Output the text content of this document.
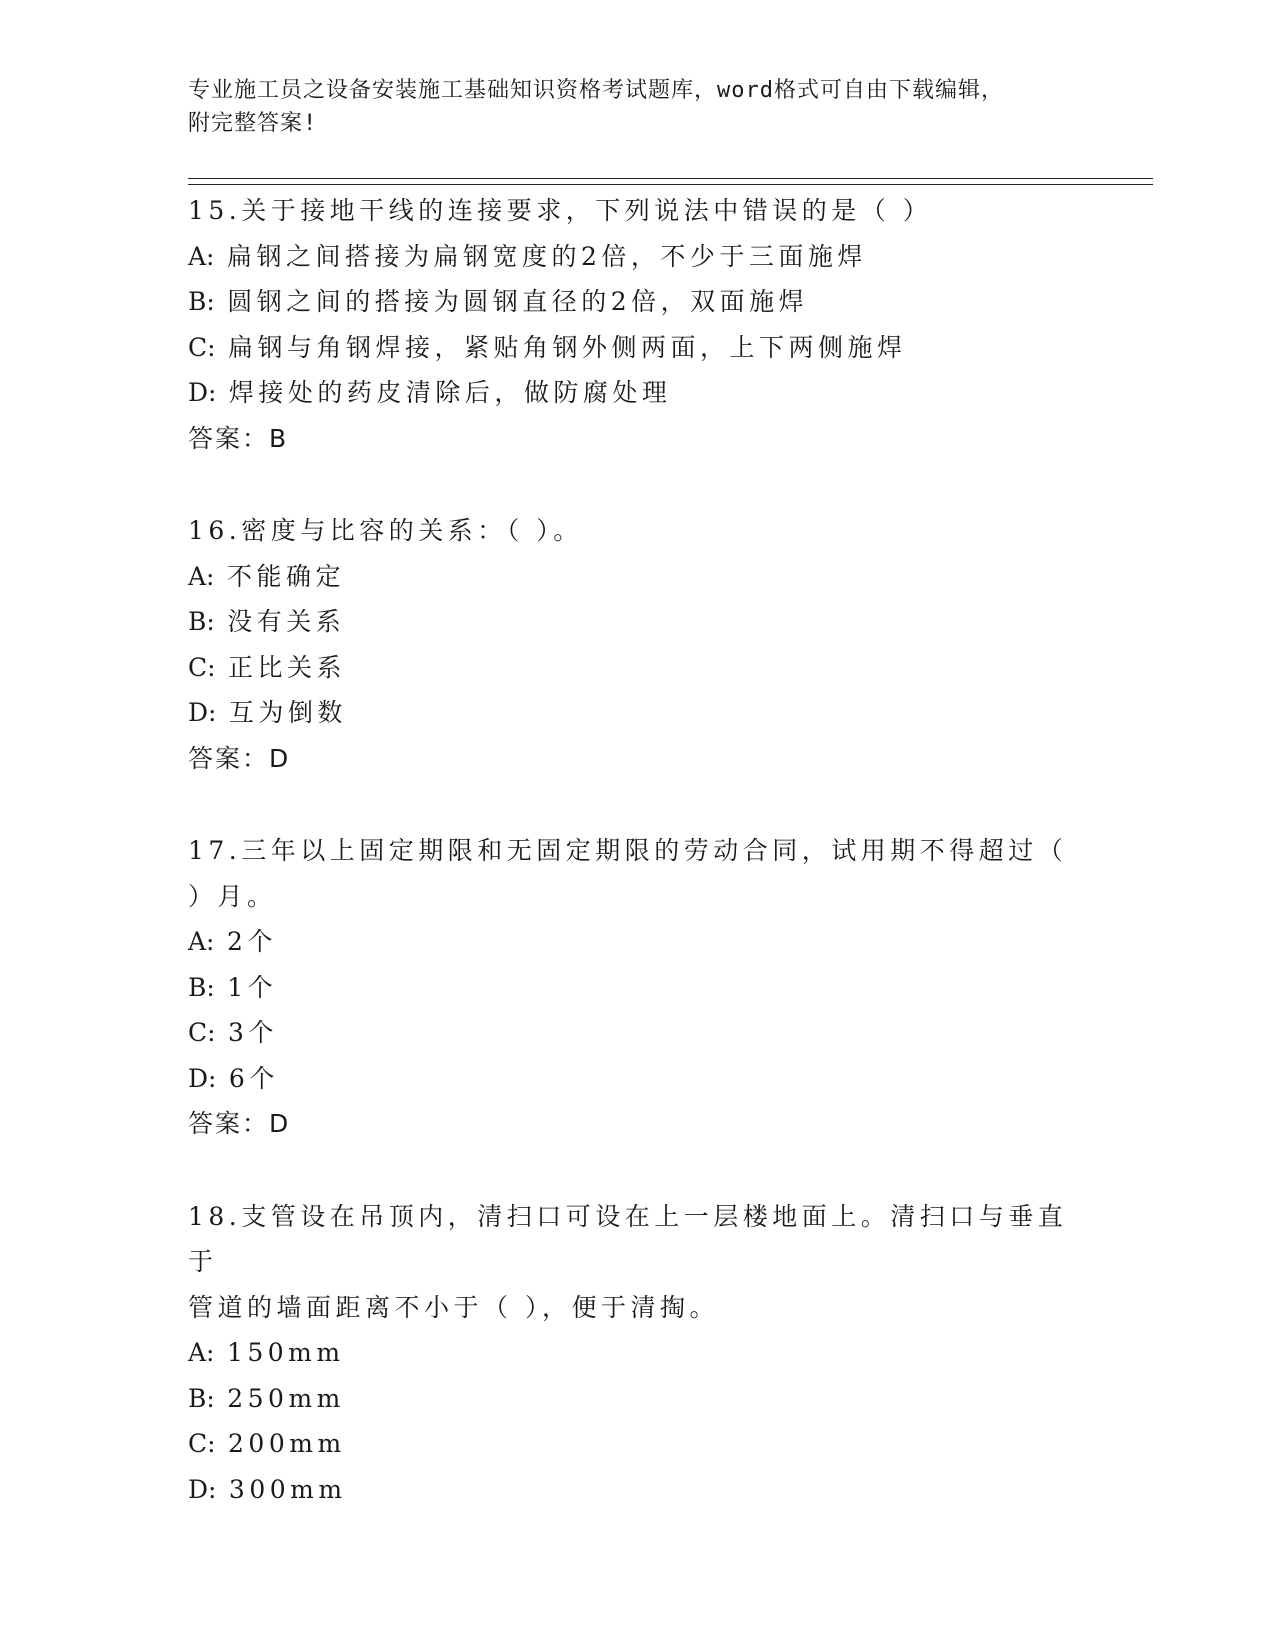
专业施工员之设备安装施工基础知识资格考试题库，word格式可自由下载编辑，
附完整答案!

15.关于接地干线的连接要求，下列说法中错误的是（ ）

A: 扁钢之间搭接为扁钢宽度的2倍，不少于三面施焊

B: 圆钢之间的搭接为圆钢直径的2倍，双面施焊

C: 扁钢与角钢焊接，紧贴角钢外侧两面，上下两侧施焊

D: 焊接处的药皮清除后，做防腐处理

答案：B

16.密度与比容的关系：（ ）。

A: 不能确定

B: 没有关系

C: 正比关系

D: 互为倒数

答案：D

17.三年以上固定期限和无固定期限的劳动合同，试用期不得超过（

）月。

A: 2个

B: 1个

C: 3个

D: 6个

答案：D

18.支管设在吊顶内，清扫口可设在上一层楼地面上。清扫口与垂直于

管道的墙面距离不小于（ ），便于清掏。

A: 150mm

B: 250mm

C: 200mm

D: 300mm
